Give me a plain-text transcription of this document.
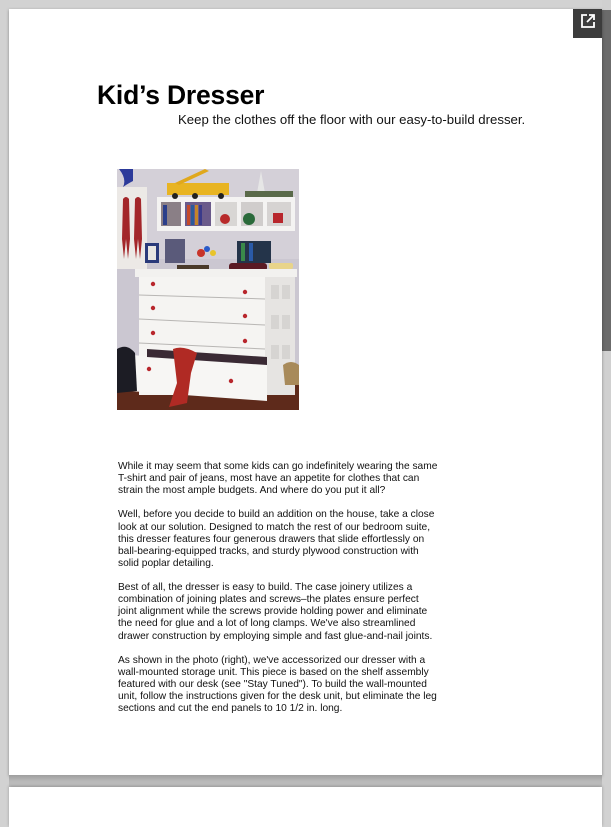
Kid’s Dresser
Keep the clothes off the floor with our easy-to-build dresser.

While it may seem that some kids can go indefinitely wearing the same
T-shirt and pair of jeans, most have an appetite for clothes that can
strain the most ample budgets. And where do you put it all?

Well, before you decide to build an addition on the house, take a close
look at our solution. Designed to match the rest of our bedroom suite,
this dresser features four generous drawers that slide effortlessly on
ball-bearing-equipped tracks, and sturdy plywood construction with
solid poplar detailing.

Best of all, the dresser is easy to build. The case joinery utilizes a
combination of joining plates and screws–the plates ensure perfect
joint alignment while the screws provide holding power and eliminate
the need for glue and a lot of long clamps. We've also streamlined
drawer construction by employing simple and fast glue-and-nail joints.

As shown in the photo (right), we've accessorized our dresser with a
wall-mounted storage unit. This piece is based on the shelf assembly
featured with our desk (see "Stay Tuned"). To build the wall-mounted
unit, follow the instructions given for the desk unit, but eliminate the leg
sections and cut the end panels to 10 1/2 in. long.
